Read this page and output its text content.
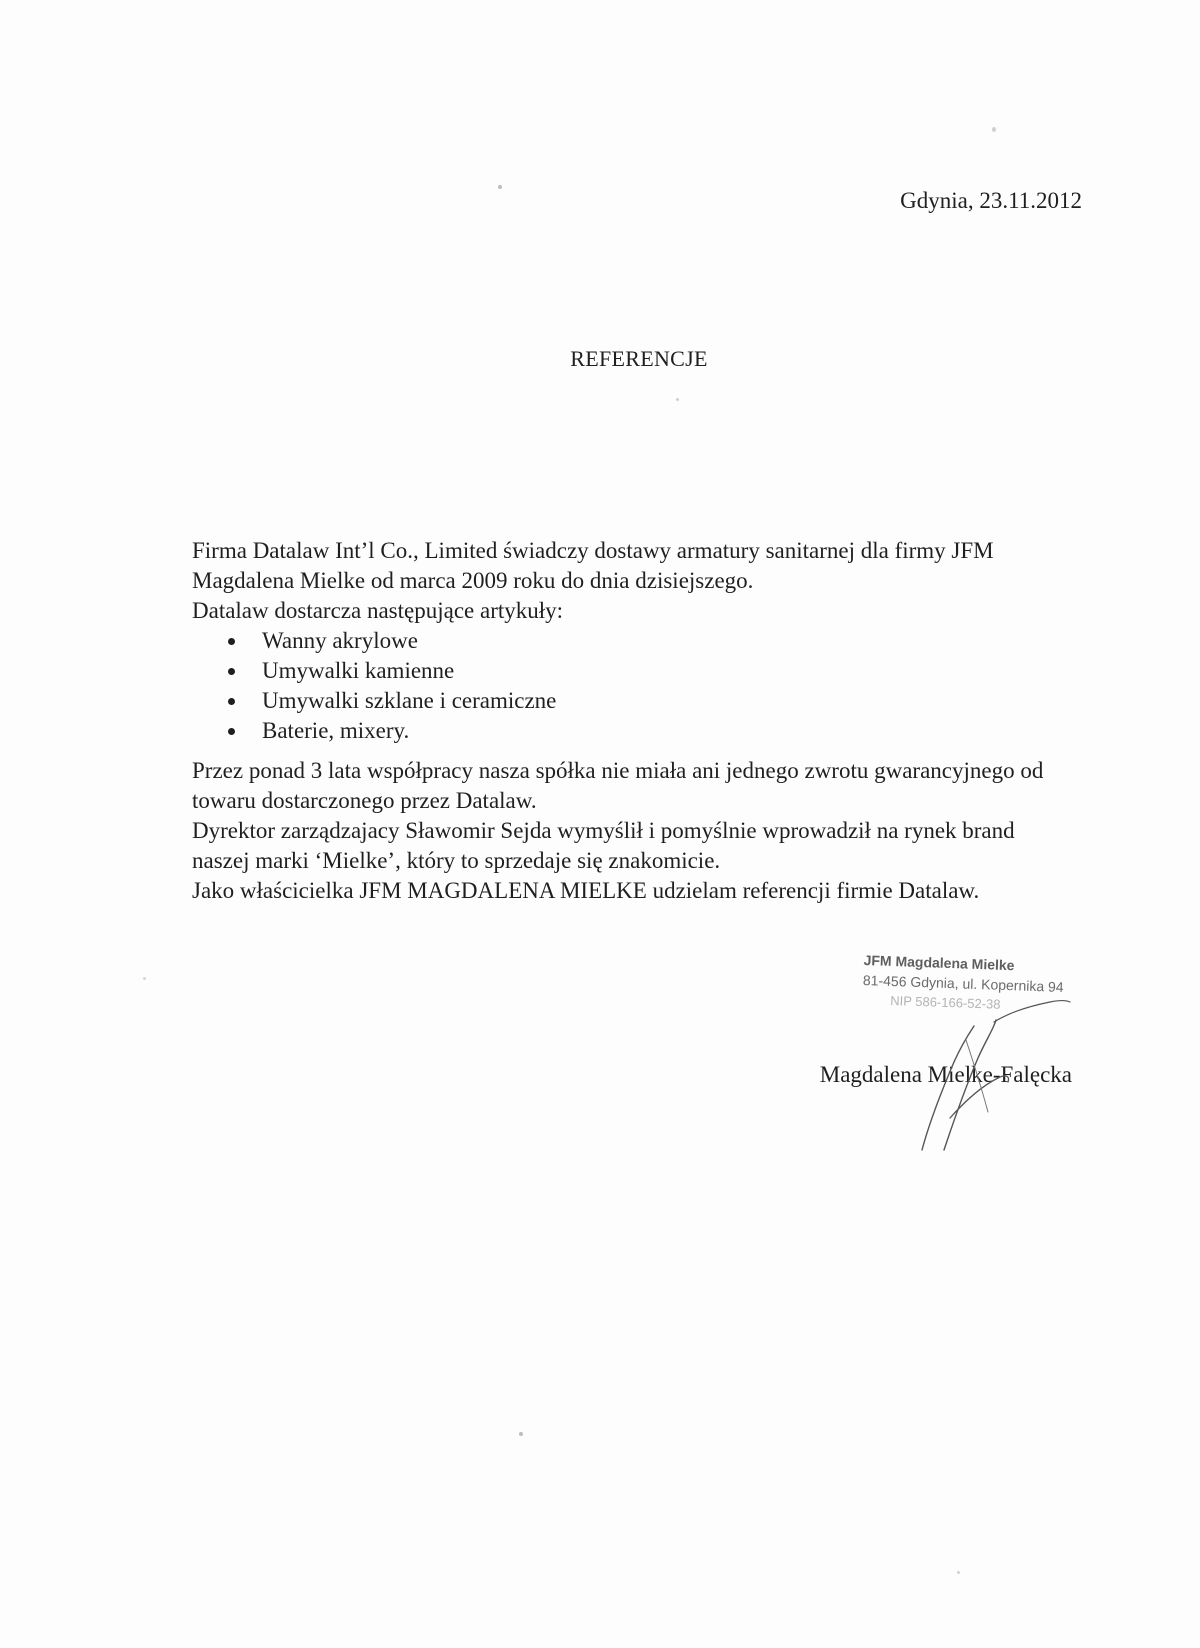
Gdynia, 23.11.2012
REFERENCJE

Firma Datalaw Int’l Co., Limited świadczy dostawy armatury sanitarnej dla firmy JFM

Magdalena Mielke od marca 2009 roku do dnia dzisiejszego.

Datalaw dostarcza następujące artykuły:

Wanny akrylowe
Umywalki kamienne
Umywalki szklane i ceramiczne
Baterie, mixery.

Przez ponad 3 lata współpracy nasza spółka nie miała ani jednego zwrotu gwarancyjnego od

towaru dostarczonego przez Datalaw.

Dyrektor zarządzajacy Sławomir Sejda wymyślił i pomyślnie wprowadził na rynek brand

naszej marki ‘Mielke’, który to sprzedaje się znakomicie.

Jako właścicielka JFM MAGDALENA MIELKE udzielam referencji firmie Datalaw.

JFM Magdalena Mielke
81-456 Gdynia, ul. Kopernika 94
NIP 586-166-52-38
Magdalena Mielke-Falęcka
